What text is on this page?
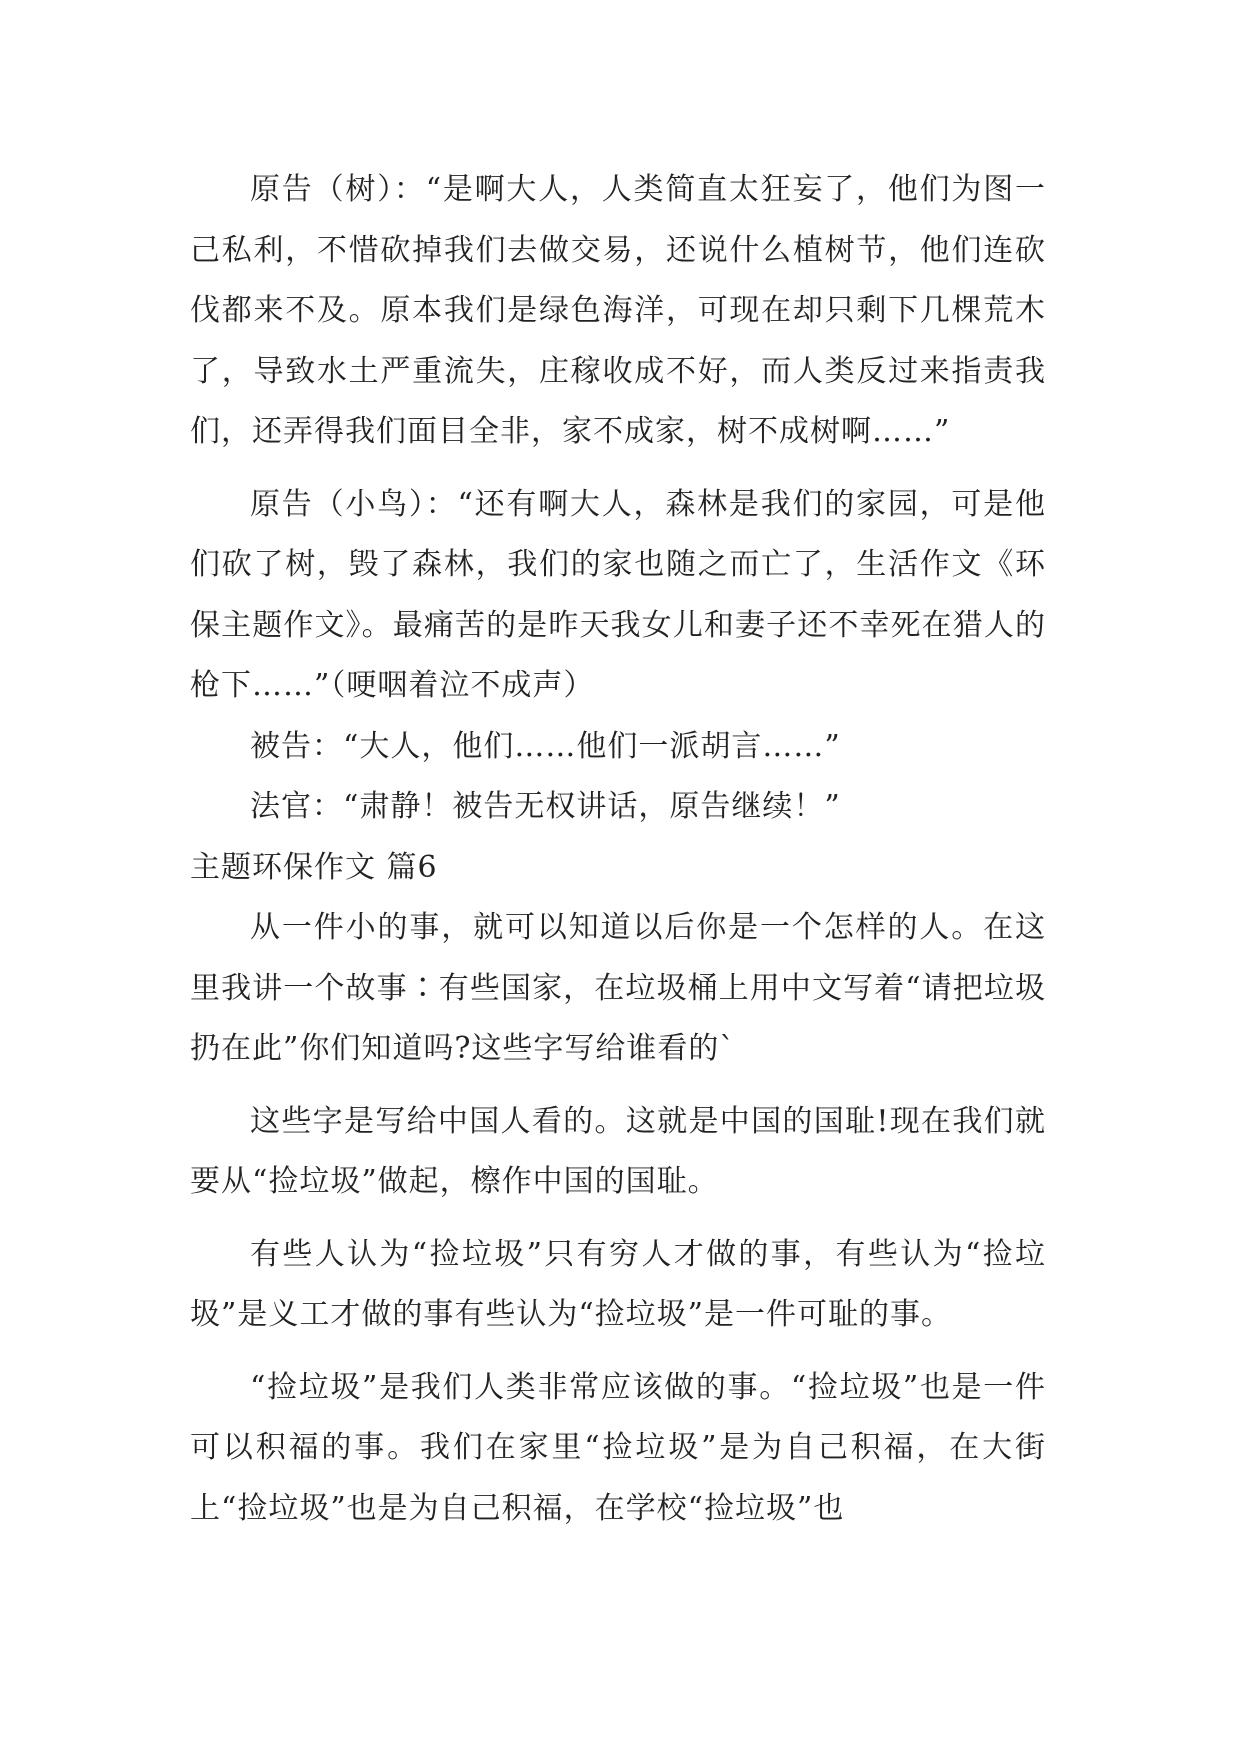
原告（树）：“是啊大人，人类简直太狂妄了，他们为图一己私利，不惜砍掉我们去做交易，还说什么植树节，他们连砍伐都来不及。原本我们是绿色海洋，可现在却只剩下几棵荒木了，导致水土严重流失，庄稼收成不好，而人类反过来指责我们，还弄得我们面目全非，家不成家，树不成树啊……”

原告（小鸟）：“还有啊大人，森林是我们的家园，可是他们砍了树，毁了森林，我们的家也随之而亡了，生活作文《环保主题作文》。最痛苦的是昨天我女儿和妻子还不幸死在猎人的枪下……”（哽咽着泣不成声）

被告：“大人，他们……他们一派胡言……”

法官：“肃静！被告无权讲话，原告继续！”

主题环保作文 篇6

从一件小的事，就可以知道以后你是一个怎样的人。在这里我讲一个故事∶有些国家，在垃圾桶上用中文写着“请把垃圾扔在此”你们知道吗?这些字写给谁看的`

这些字是写给中国人看的。这就是中国的国耻!现在我们就要从“捡垃圾”做起，檫作中国的国耻。

有些人认为“捡垃圾”只有穷人才做的事，有些认为“捡垃圾”是义工才做的事有些认为“捡垃圾”是一件可耻的事。

“捡垃圾”是我们人类非常应该做的事。“捡垃圾”也是一件可以积福的事。我们在家里“捡垃圾”是为自己积福，在大街上“捡垃圾”也是为自己积福，在学校“捡垃圾”也
